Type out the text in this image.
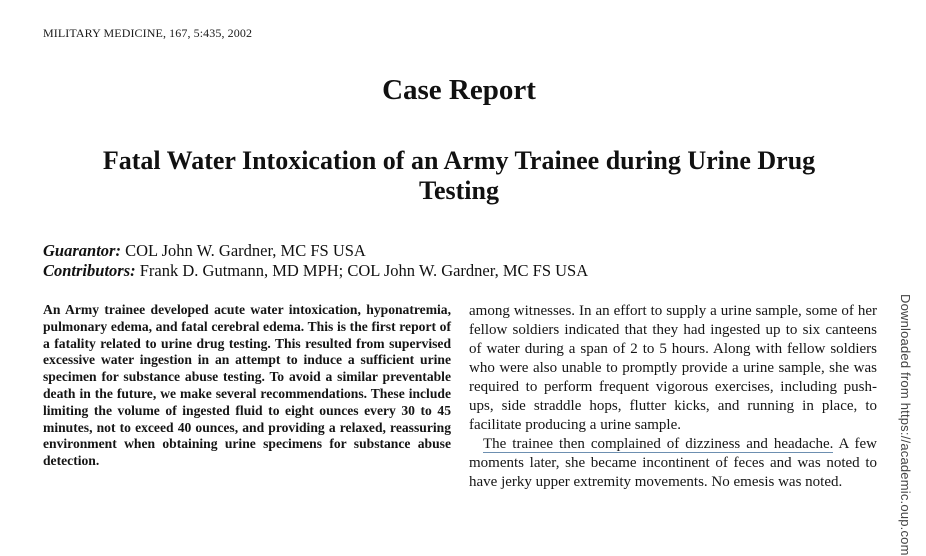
MILITARY MEDICINE, 167, 5:435, 2002
Case Report
Fatal Water Intoxication of an Army Trainee during Urine Drug Testing
Guarantor: COL John W. Gardner, MC FS USA
Contributors: Frank D. Gutmann, MD MPH; COL John W. Gardner, MC FS USA
An Army trainee developed acute water intoxication, hyponatremia, pulmonary edema, and fatal cerebral edema. This is the first report of a fatality related to urine drug testing. This resulted from supervised excessive water ingestion in an attempt to induce a sufficient urine specimen for substance abuse testing. To avoid a similar preventable death in the future, we make several recommendations. These include limiting the volume of ingested fluid to eight ounces every 30 to 45 minutes, not to exceed 40 ounces, and providing a relaxed, reassuring environment when obtaining urine specimens for substance abuse detection.

among witnesses. In an effort to supply a urine sample, some of her fellow soldiers indicated that they had ingested up to six canteens of water during a span of 2 to 5 hours. Along with fellow soldiers who were also unable to promptly provide a urine sample, she was required to perform frequent vigorous exercises, including push-ups, side straddle hops, flutter kicks, and running in place, to facilitate producing a urine sample.

The trainee then complained of dizziness and headache. A few moments later, she became incontinent of feces and was noted to have jerky upper extremity movements. No emesis was noted.	Downloaded from https://academic.oup.com
